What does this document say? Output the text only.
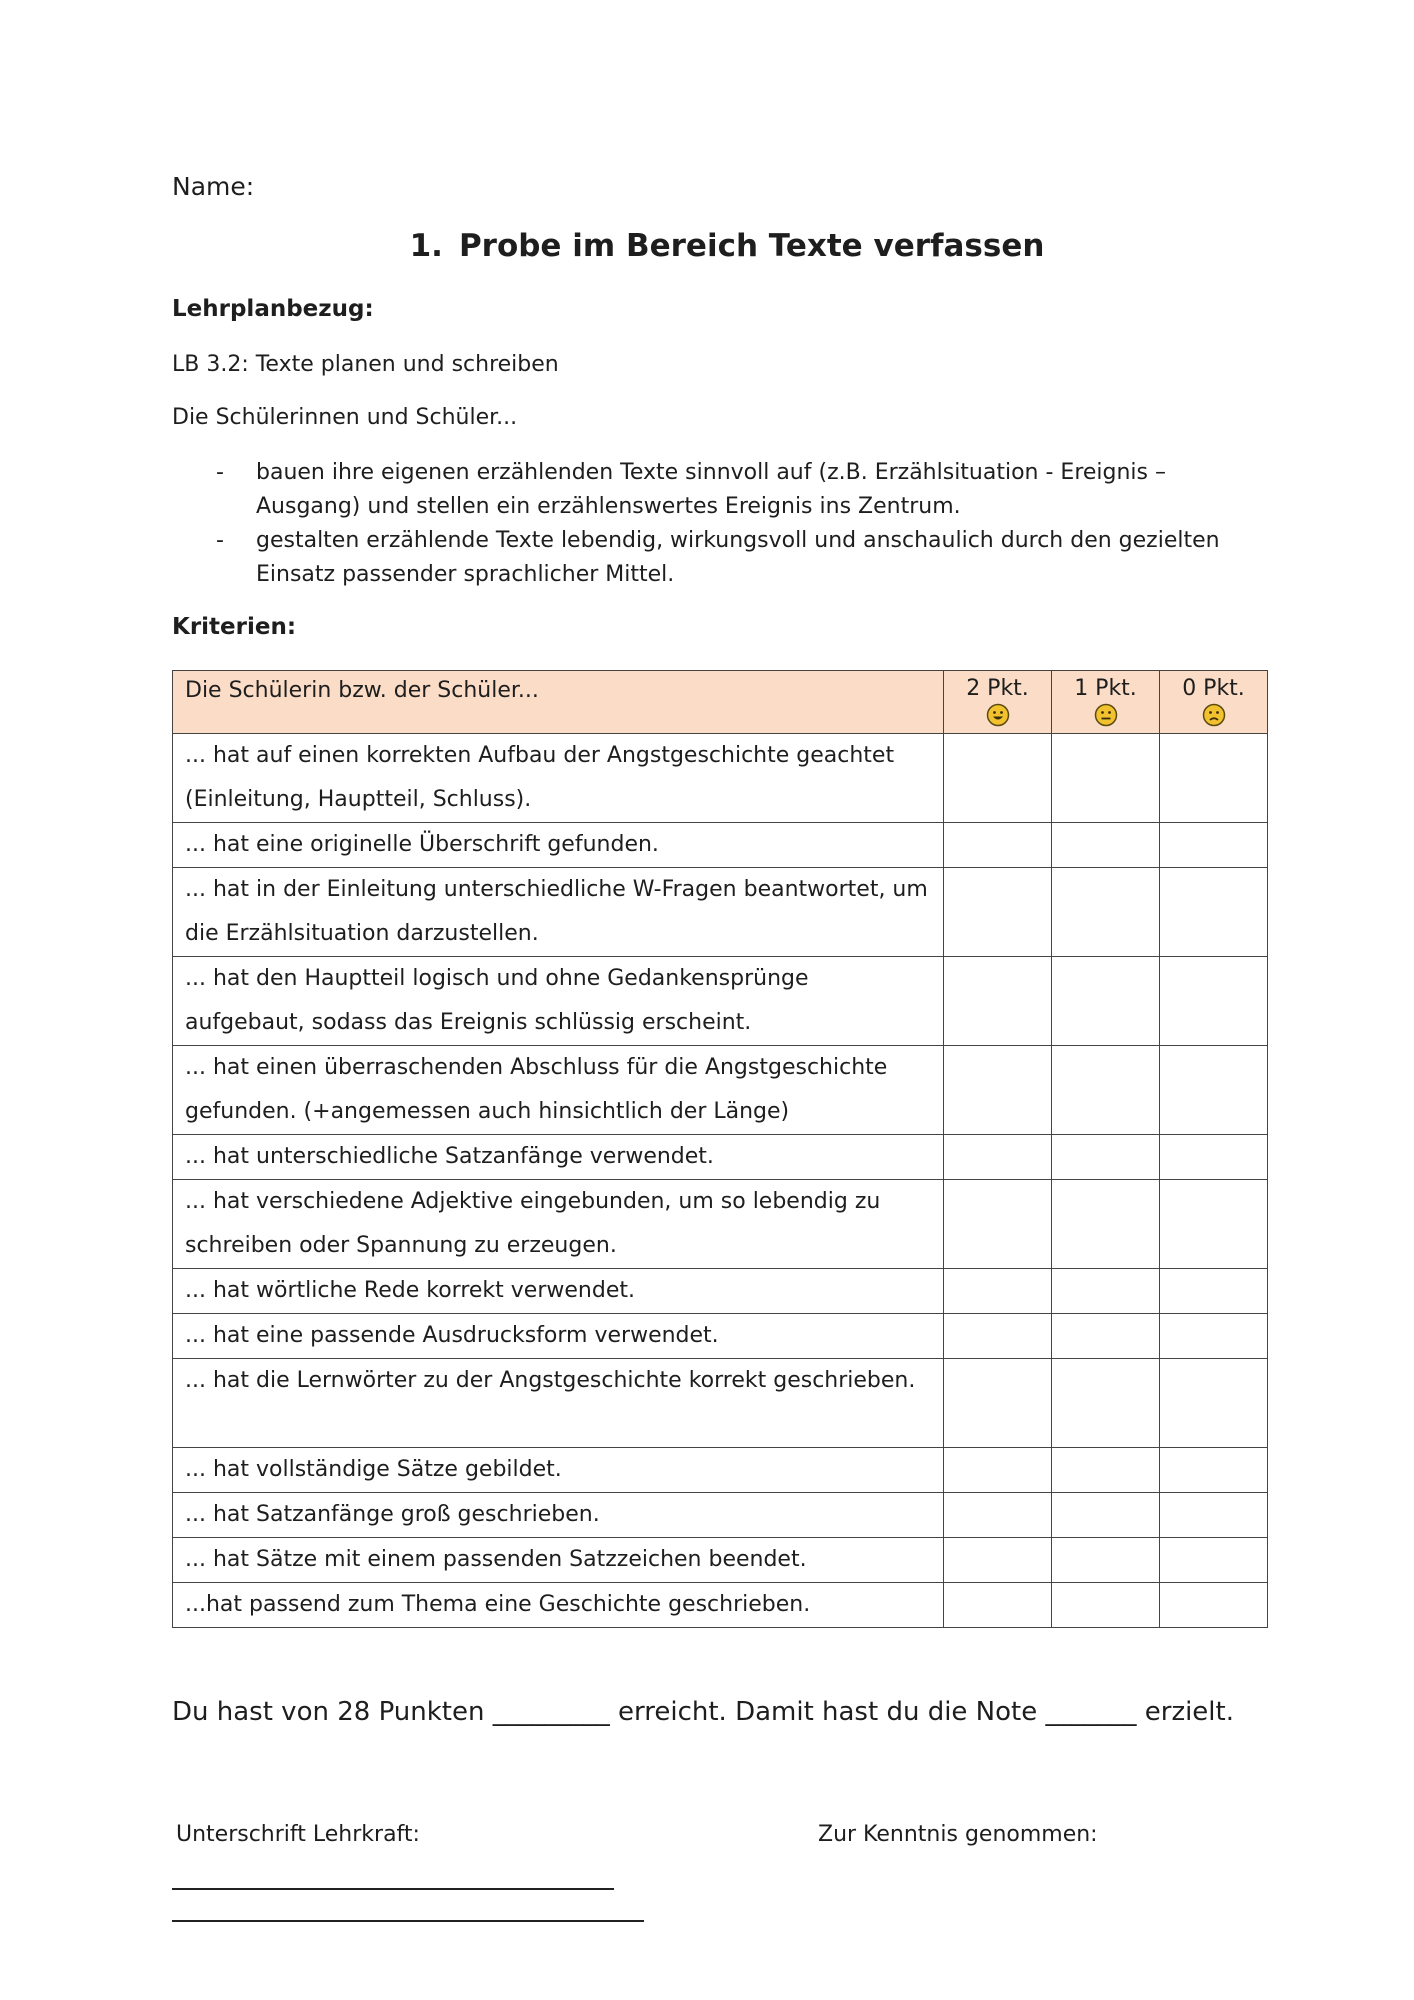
Name:
1. Probe im Bereich Texte verfassen
Lehrplanbezug:
LB 3.2: Texte planen und schreiben
Die Schülerinnen und Schüler...
-	bauen ihre eigenen erzählenden Texte sinnvoll auf (z.B. Erzählsituation - Ereignis – Ausgang) und stellen ein erzählenswertes Ereignis ins Zentrum.
-	gestalten erzählende Texte lebendig, wirkungsvoll und anschaulich durch den gezielten Einsatz passender sprachlicher Mittel.
Kriterien:
Die Schülerin bzw. der Schüler...	2 Pkt.	1 Pkt.	0 Pkt.

... hat auf einen korrekten Aufbau der Angstgeschichte geachtet (Einleitung, Hauptteil, Schluss).			
... hat eine originelle Überschrift gefunden.			
... hat in der Einleitung unterschiedliche W-Fragen beantwortet, um die Erzählsituation darzustellen.			
... hat den Hauptteil logisch und ohne Gedankensprünge aufgebaut, sodass das Ereignis schlüssig erscheint.			
... hat einen überraschenden Abschluss für die Angstgeschichte gefunden. (+angemessen auch hinsichtlich der Länge)			
... hat unterschiedliche Satzanfänge verwendet.			
... hat verschiedene Adjektive eingebunden, um so lebendig zu schreiben oder Spannung zu erzeugen.			
... hat wörtliche Rede korrekt verwendet.			
... hat eine passende Ausdrucksform verwendet.			
... hat die Lernwörter zu der Angstgeschichte korrekt geschrieben.			
... hat vollständige Sätze gebildet.			
... hat Satzanfänge groß geschrieben.			
... hat Sätze mit einem passenden Satzzeichen beendet.			
...hat passend zum Thema eine Geschichte geschrieben.			
Du hast von 28 Punkten _________ erreicht. Damit hast du die Note _______ erzielt.
Unterschrift Lehrkraft:	Zur Kenntnis genommen:
